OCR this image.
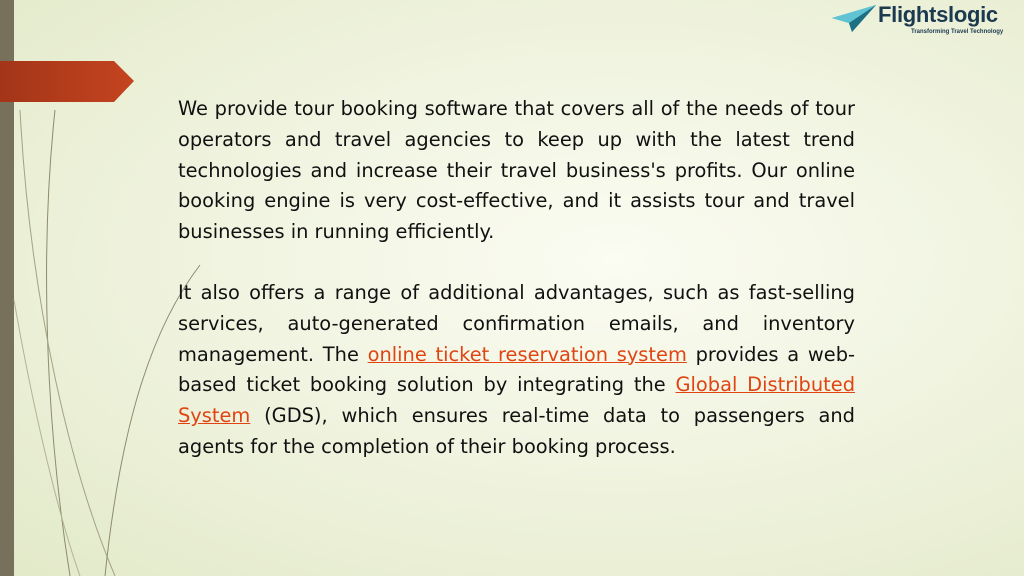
Flightslogic
Transforming Travel Technology

We provide tour booking software that covers all of the needs of tour operators and travel agencies to keep up with the latest trend technologies and increase their travel business's profits. Our online booking engine is very cost-effective, and it assists tour and travel businesses in running efficiently.

It also offers a range of additional advantages, such as fast-selling services, auto-generated confirmation emails, and inventory management. The online ticket reservation system provides a web-based ticket booking solution by integrating the Global Distributed System (GDS), which ensures real-time data to passengers and agents for the completion of their booking process.
